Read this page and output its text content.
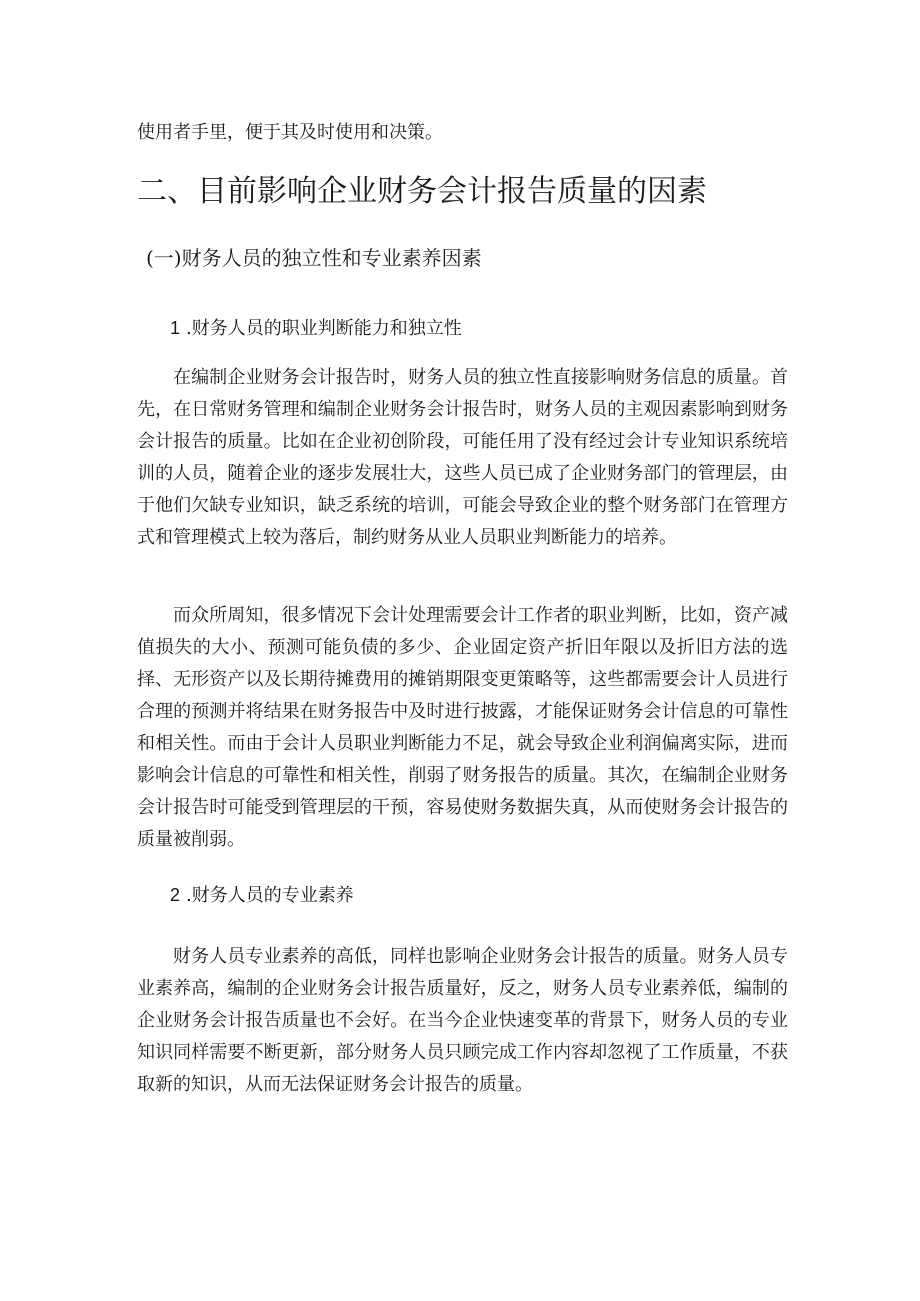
使用者手里，便于其及时使用和决策。
二、目前影响企业财务会计报告质量的因素
(一)财务人员的独立性和专业素养因素
1 .财务人员的职业判断能力和独立性

在编制企业财务会计报告时，财务人员的独立性直接影响财务信息的质量。首先，在日常财务管理和编制企业财务会计报告时，财务人员的主观因素影响到财务会计报告的质量。比如在企业初创阶段，可能任用了没有经过会计专业知识系统培训的人员，随着企业的逐步发展壮大，这些人员已成了企业财务部门的管理层，由于他们欠缺专业知识，缺乏系统的培训，可能会导致企业的整个财务部门在管理方式和管理模式上较为落后，制约财务从业人员职业判断能力的培养。

而众所周知，很多情况下会计处理需要会计工作者的职业判断，比如，资产减值损失的大小、预测可能负债的多少、企业固定资产折旧年限以及折旧方法的选择、无形资产以及长期待摊费用的摊销期限变更策略等，这些都需要会计人员进行合理的预测并将结果在财务报告中及时进行披露，才能保证财务会计信息的可靠性和相关性。而由于会计人员职业判断能力不足，就会导致企业利润偏离实际，进而影响会计信息的可靠性和相关性，削弱了财务报告的质量。其次，在编制企业财务会计报告时可能受到管理层的干预，容易使财务数据失真，从而使财务会计报告的质量被削弱。

2 .财务人员的专业素养

财务人员专业素养的高低，同样也影响企业财务会计报告的质量。财务人员专业素养高，编制的企业财务会计报告质量好，反之，财务人员专业素养低，编制的企业财务会计报告质量也不会好。在当今企业快速变革的背景下，财务人员的专业知识同样需要不断更新，部分财务人员只顾完成工作内容却忽视了工作质量，不获取新的知识，从而无法保证财务会计报告的质量。
